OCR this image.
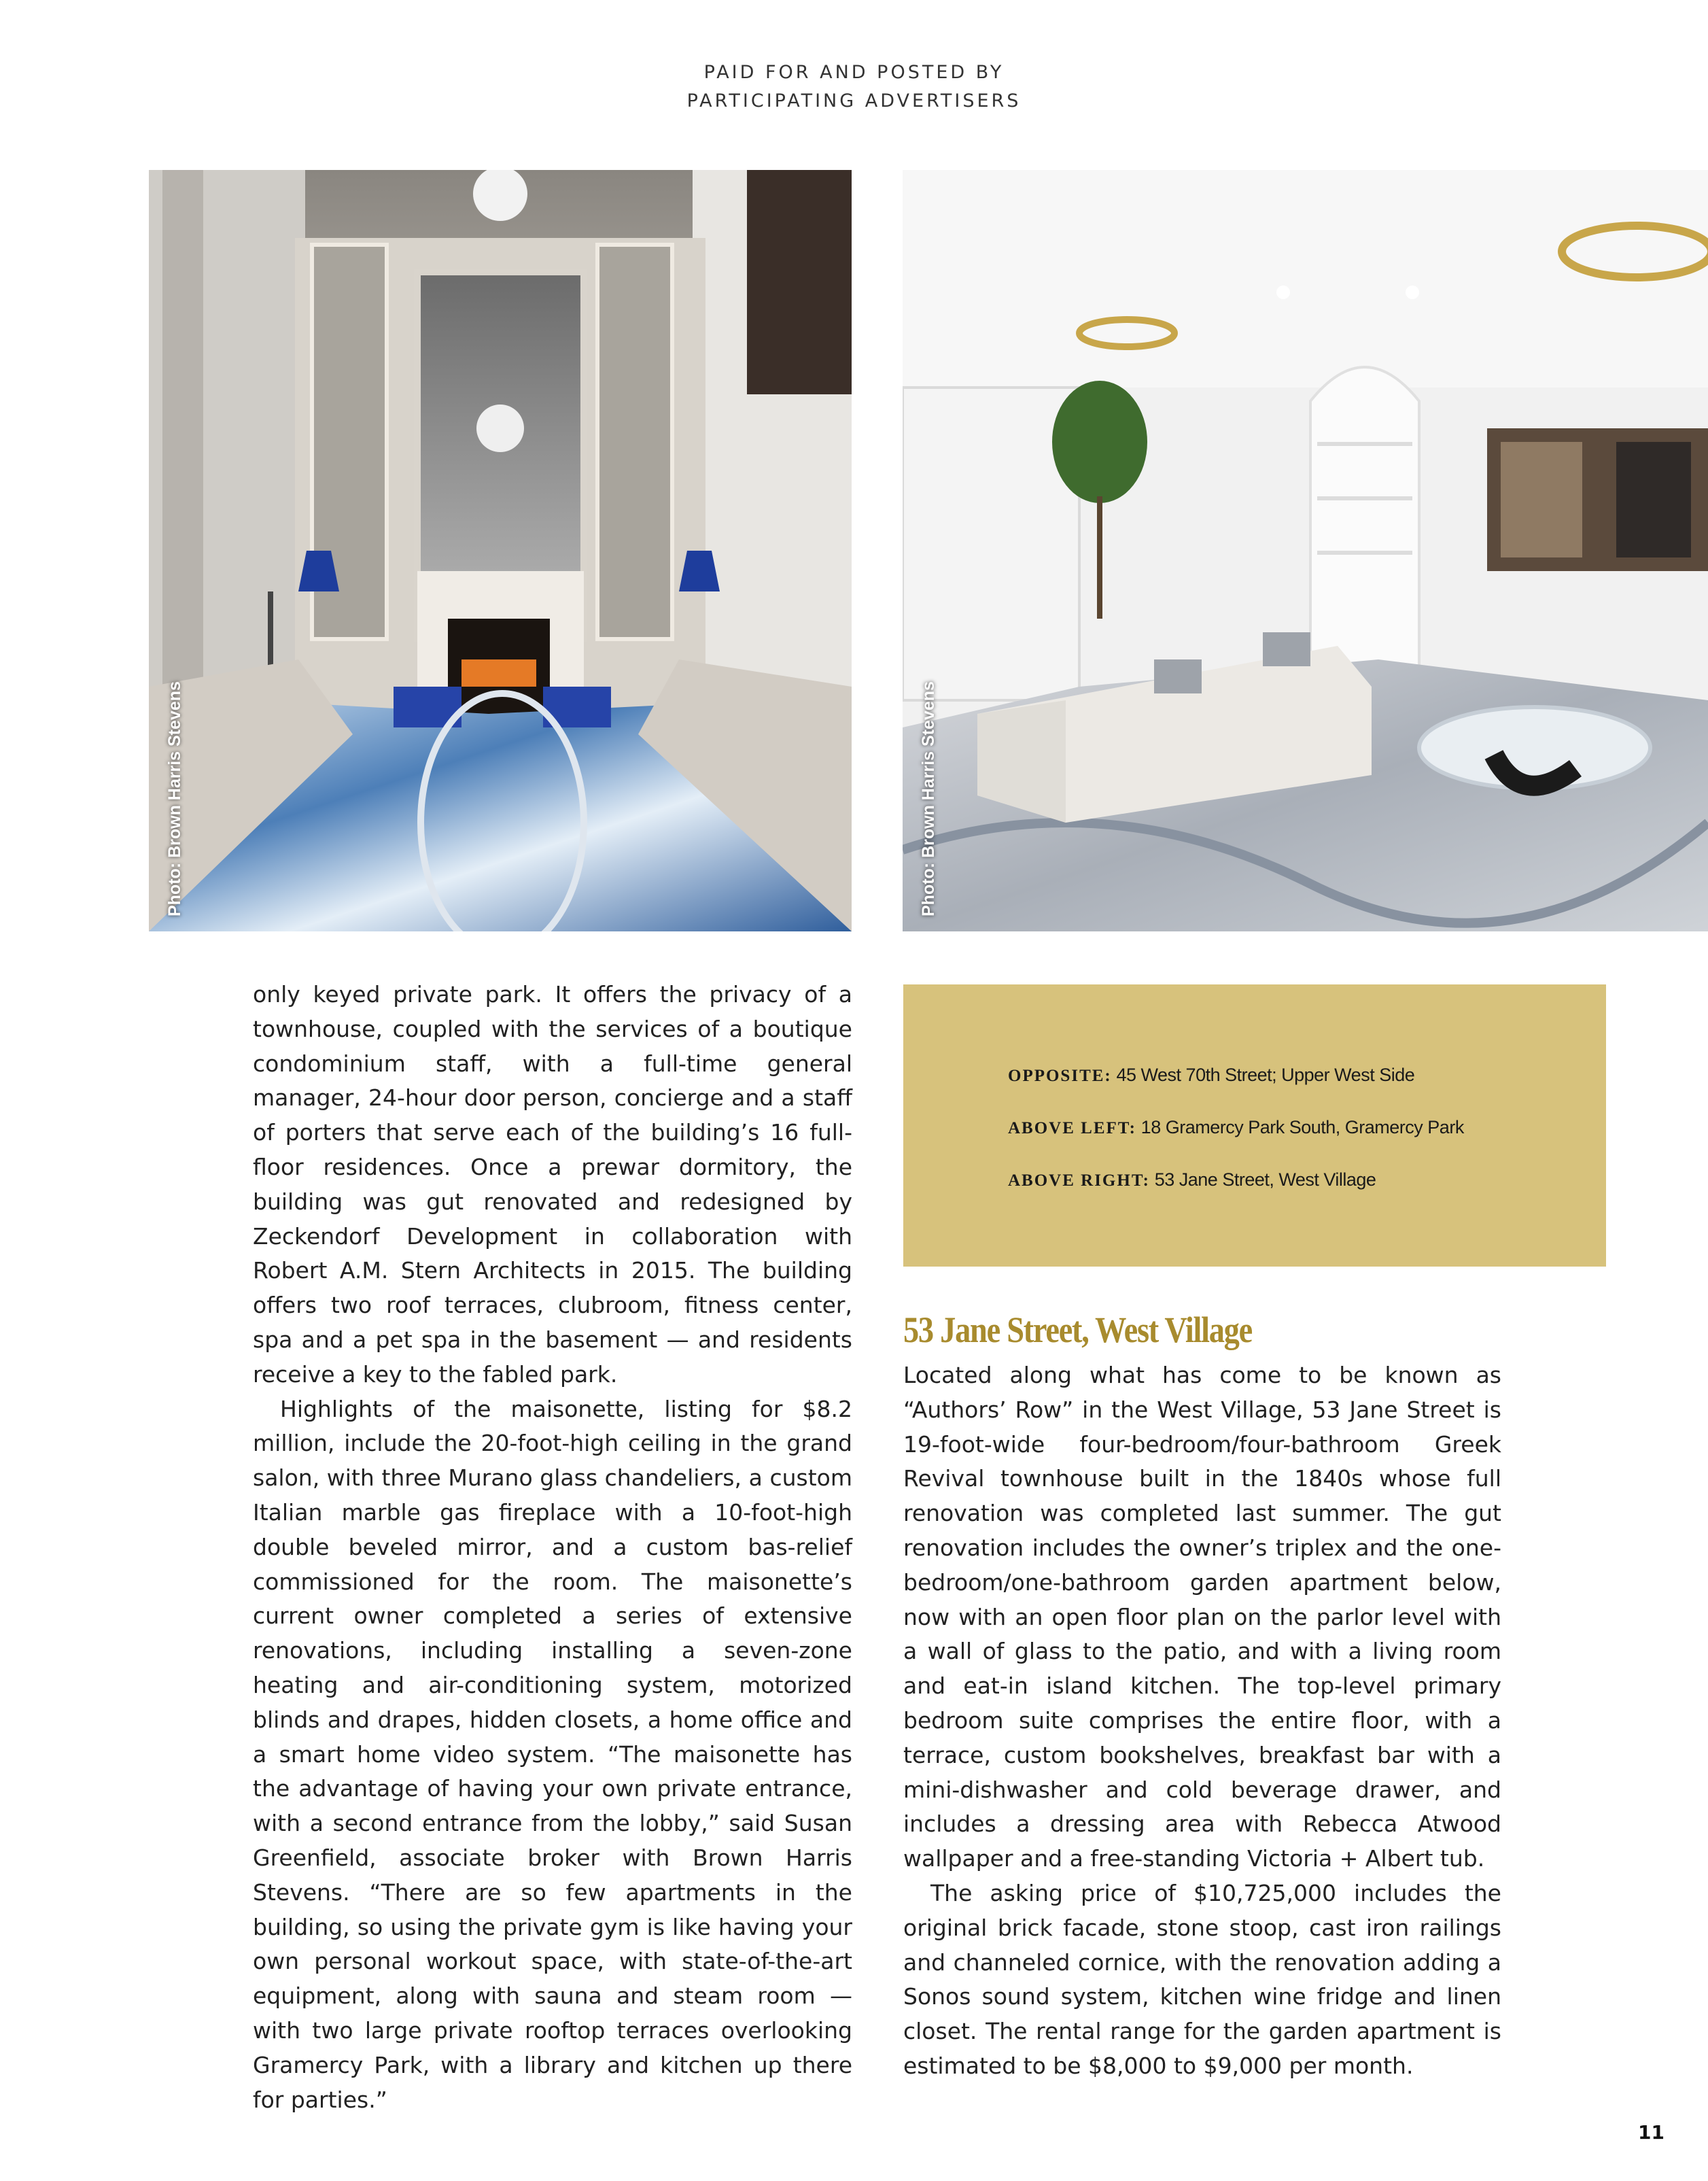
PAID FOR AND POSTED BY
PARTICIPATING ADVERTISERS
Photo: Brown Harris Stevens	Photo: Brown Harris Stevens

only keyed private park. It offers the privacy of a townhouse, coupled with the services of a boutique condominium staff, with a full-time general manager, 24-hour door person, concierge and a staff of porters that serve each of the building’s 16 full-floor residences. Once a prewar dormitory, the building was gut renovated and redesigned by Zeckendorf Development in collaboration with Robert A.M. Stern Architects in 2015. The building offers two roof terraces, clubroom, fitness center, spa and a pet spa in the basement — and residents receive a key to the fabled park.

Highlights of the maisonette, listing for $8.2 million, include the 20-foot-high ceiling in the grand salon, with three Murano glass chandeliers, a custom Italian marble gas fireplace with a 10-foot-high double beveled mirror, and a custom bas-relief commissioned for the room. The maisonette’s current owner completed a series of extensive renovations, including installing a seven-zone heating and air-conditioning system, motorized blinds and drapes, hidden closets, a home office and a smart home video system. “The maisonette has the advantage of having your own private entrance, with a second entrance from the lobby,” said Susan Greenfield, associate broker with Brown Harris Stevens. “There are so few apartments in the building, so using the private gym is like having your own personal workout space, with state-of-the-art equipment, along with sauna and steam room — with two large private rooftop terraces overlooking Gramercy Park, with a library and kitchen up there for parties.”

OPPOSITE: 45 West 70th Street; Upper West Side
ABOVE LEFT: 18 Gramercy Park South, Gramercy Park
ABOVE RIGHT: 53 Jane Street, West Village
53 Jane Street, West Village

Located along what has come to be known as “Authors’ Row” in the West Village, 53 Jane Street is 19-foot-wide four-bedroom/four-bathroom Greek Revival townhouse built in the 1840s whose full renovation was completed last summer. The gut renovation includes the owner’s triplex and the one-bedroom/one-bathroom garden apartment below, now with an open floor plan on the parlor level with a wall of glass to the patio, and with a living room and eat-in island kitchen. The top-level primary bedroom suite comprises the entire floor, with a terrace, custom bookshelves, breakfast bar with a mini-dishwasher and cold beverage drawer, and includes a dressing area with Rebecca Atwood wallpaper and a free-standing Victoria + Albert tub.

The asking price of $10,725,000 includes the original brick facade, stone stoop, cast iron railings and channeled cornice, with the renovation adding a Sonos sound system, kitchen wine fridge and linen closet. The rental range for the garden apartment is estimated to be $8,000 to $9,000 per month.

11
